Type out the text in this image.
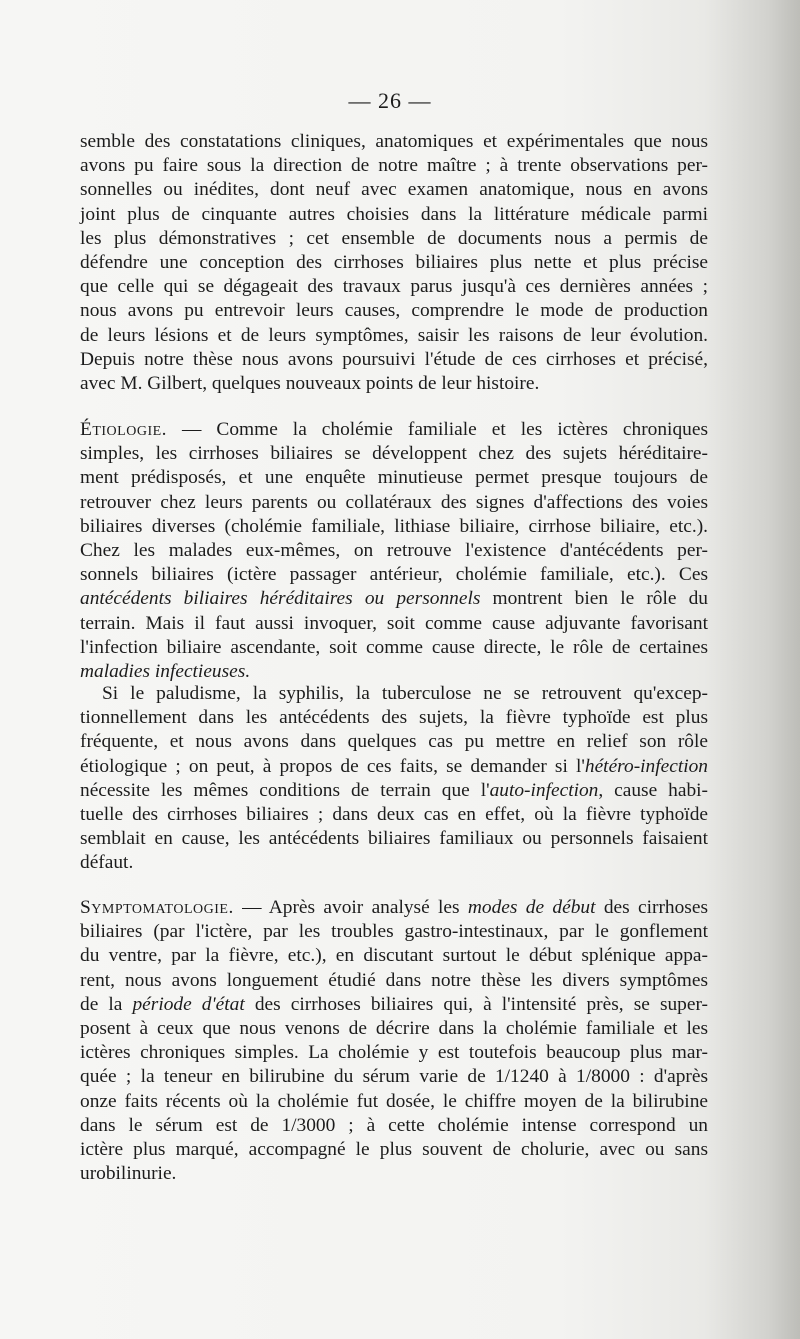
— 26 —
semble des constatations cliniques, anatomiques et expérimentales que nous
avons pu faire sous la direction de notre maître ; à trente observations per-
sonnelles ou inédites, dont neuf avec examen anatomique, nous en avons
joint plus de cinquante autres choisies dans la littérature médicale parmi
les plus démonstratives ; cet ensemble de documents nous a permis de
défendre une conception des cirrhoses biliaires plus nette et plus précise
que celle qui se dégageait des travaux parus jusqu'à ces dernières années ;
nous avons pu entrevoir leurs causes, comprendre le mode de production
de leurs lésions et de leurs symptômes, saisir les raisons de leur évolution.
Depuis notre thèse nous avons poursuivi l'étude de ces cirrhoses et précisé,
avec M. Gilbert, quelques nouveaux points de leur histoire.
Étiologie. — Comme la cholémie familiale et les ictères chroniques
simples, les cirrhoses biliaires se développent chez des sujets héréditaire-
ment prédisposés, et une enquête minutieuse permet presque toujours de
retrouver chez leurs parents ou collatéraux des signes d'affections des voies
biliaires diverses (cholémie familiale, lithiase biliaire, cirrhose biliaire, etc.).
Chez les malades eux-mêmes, on retrouve l'existence d'antécédents per-
sonnels biliaires (ictère passager antérieur, cholémie familiale, etc.). Ces
antécédents biliaires héréditaires ou personnels montrent bien le rôle du
terrain. Mais il faut aussi invoquer, soit comme cause adjuvante favorisant
l'infection biliaire ascendante, soit comme cause directe, le rôle de certaines
maladies infectieuses.
Si le paludisme, la syphilis, la tuberculose ne se retrouvent qu'excep-
tionnellement dans les antécédents des sujets, la fièvre typhoïde est plus
fréquente, et nous avons dans quelques cas pu mettre en relief son rôle
étiologique ; on peut, à propos de ces faits, se demander si l'hétéro-infection
nécessite les mêmes conditions de terrain que l'auto-infection, cause habi-
tuelle des cirrhoses biliaires ; dans deux cas en effet, où la fièvre typhoïde
semblait en cause, les antécédents biliaires familiaux ou personnels faisaient
défaut.
Symptomatologie. — Après avoir analysé les modes de début des cirrhoses
biliaires (par l'ictère, par les troubles gastro-intestinaux, par le gonflement
du ventre, par la fièvre, etc.), en discutant surtout le début splénique appa-
rent, nous avons longuement étudié dans notre thèse les divers symptômes
de la période d'état des cirrhoses biliaires qui, à l'intensité près, se super-
posent à ceux que nous venons de décrire dans la cholémie familiale et les
ictères chroniques simples. La cholémie y est toutefois beaucoup plus mar-
quée ; la teneur en bilirubine du sérum varie de 1/1240 à 1/8000 : d'après
onze faits récents où la cholémie fut dosée, le chiffre moyen de la bilirubine
dans le sérum est de 1/3000 ; à cette cholémie intense correspond un
ictère plus marqué, accompagné le plus souvent de cholurie, avec ou sans
urobilinurie.
